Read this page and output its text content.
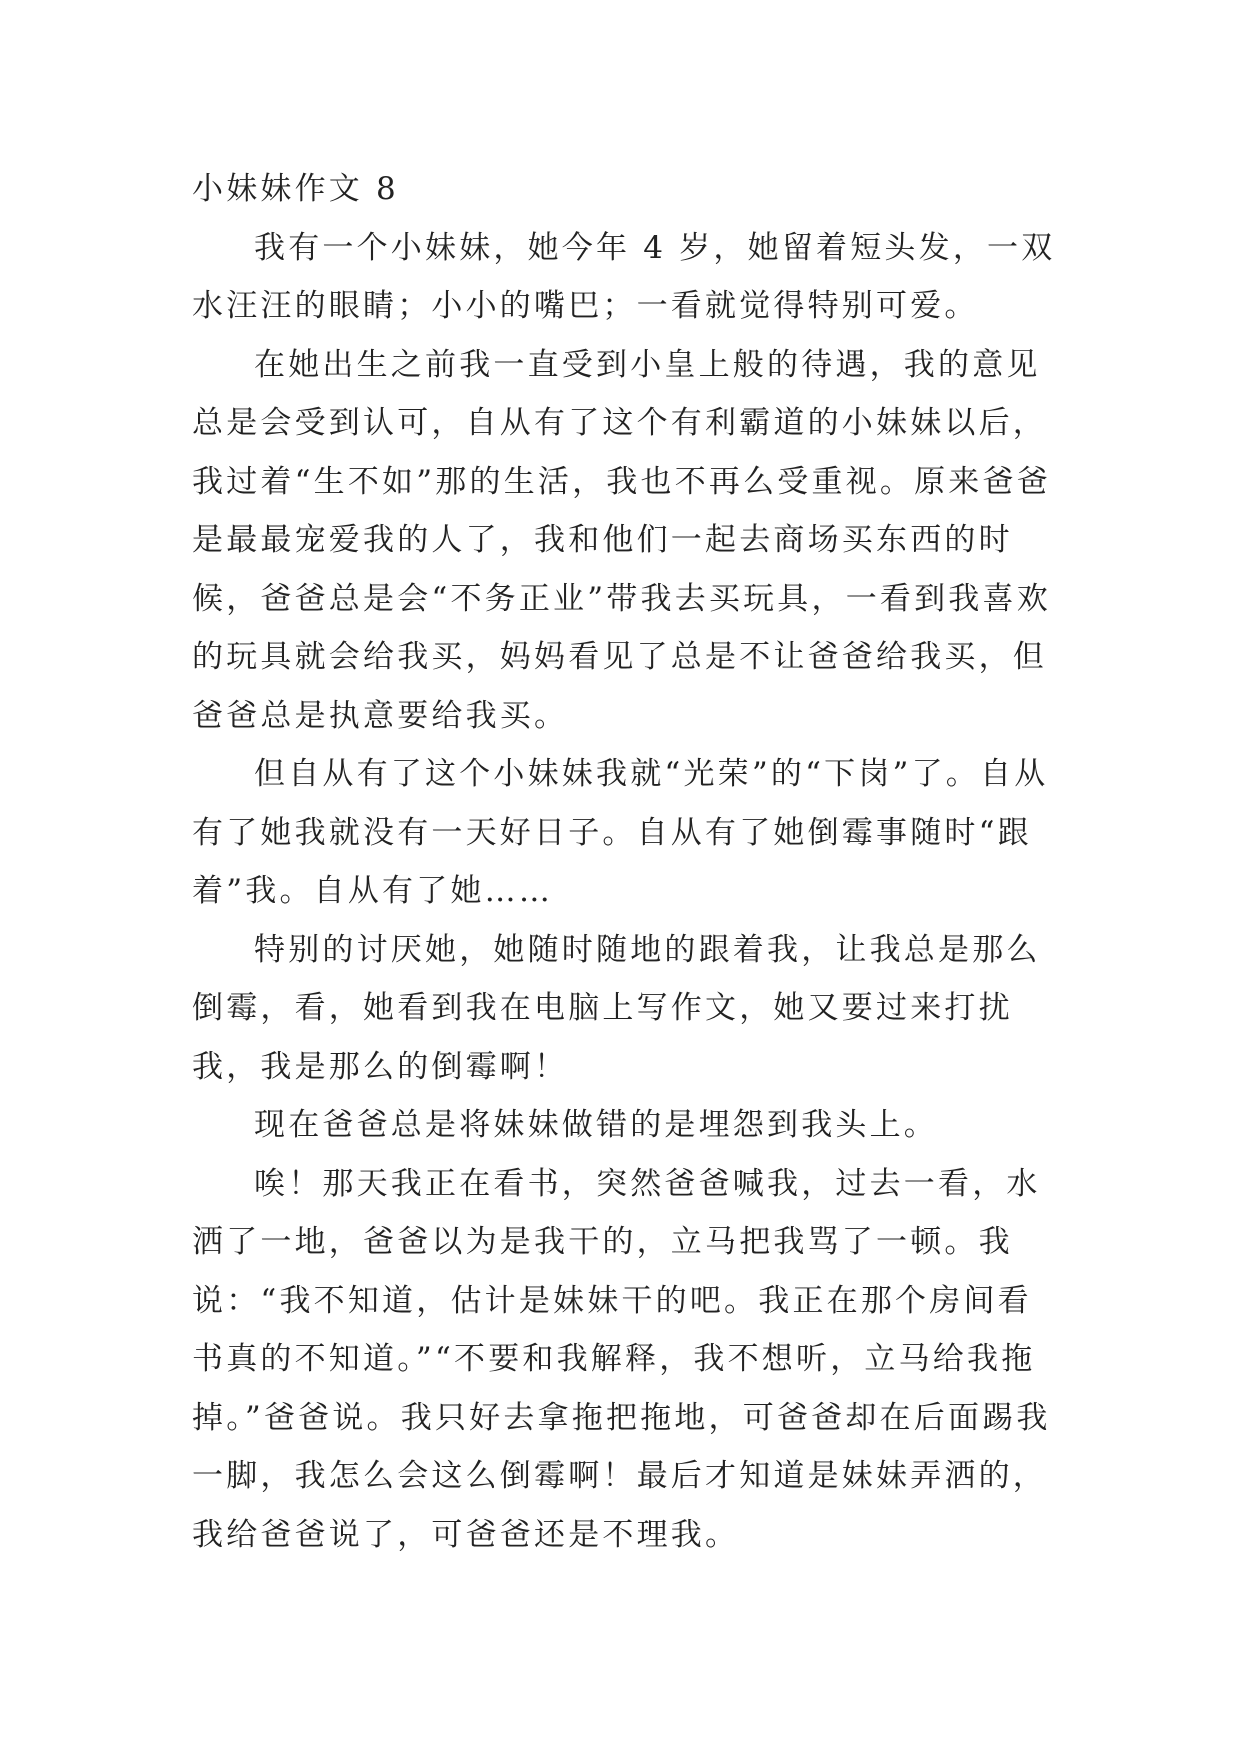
小妹妹作文 8

我有一个小妹妹，她今年 4 岁，她留着短头发，一双水汪汪的眼睛；小小的嘴巴；一看就觉得特别可爱。

在她出生之前我一直受到小皇上般的待遇，我的意见总是会受到认可，自从有了这个有利霸道的小妹妹以后，我过着“生不如”那的生活，我也不再么受重视。原来爸爸是最最宠爱我的人了，我和他们一起去商场买东西的时候，爸爸总是会“不务正业”带我去买玩具，一看到我喜欢的玩具就会给我买，妈妈看见了总是不让爸爸给我买，但爸爸总是执意要给我买。

但自从有了这个小妹妹我就“光荣”的“下岗”了。自从有了她我就没有一天好日子。自从有了她倒霉事随时“跟着”我。自从有了她……

特别的讨厌她，她随时随地的跟着我，让我总是那么倒霉，看，她看到我在电脑上写作文，她又要过来打扰我，我是那么的倒霉啊！

现在爸爸总是将妹妹做错的是埋怨到我头上。

唉！那天我正在看书，突然爸爸喊我，过去一看，水洒了一地，爸爸以为是我干的，立马把我骂了一顿。我说：“我不知道，估计是妹妹干的吧。我正在那个房间看书真的不知道。”“不要和我解释，我不想听，立马给我拖掉。”爸爸说。我只好去拿拖把拖地，可爸爸却在后面踢我一脚，我怎么会这么倒霉啊！最后才知道是妹妹弄洒的，我给爸爸说了，可爸爸还是不理我。
